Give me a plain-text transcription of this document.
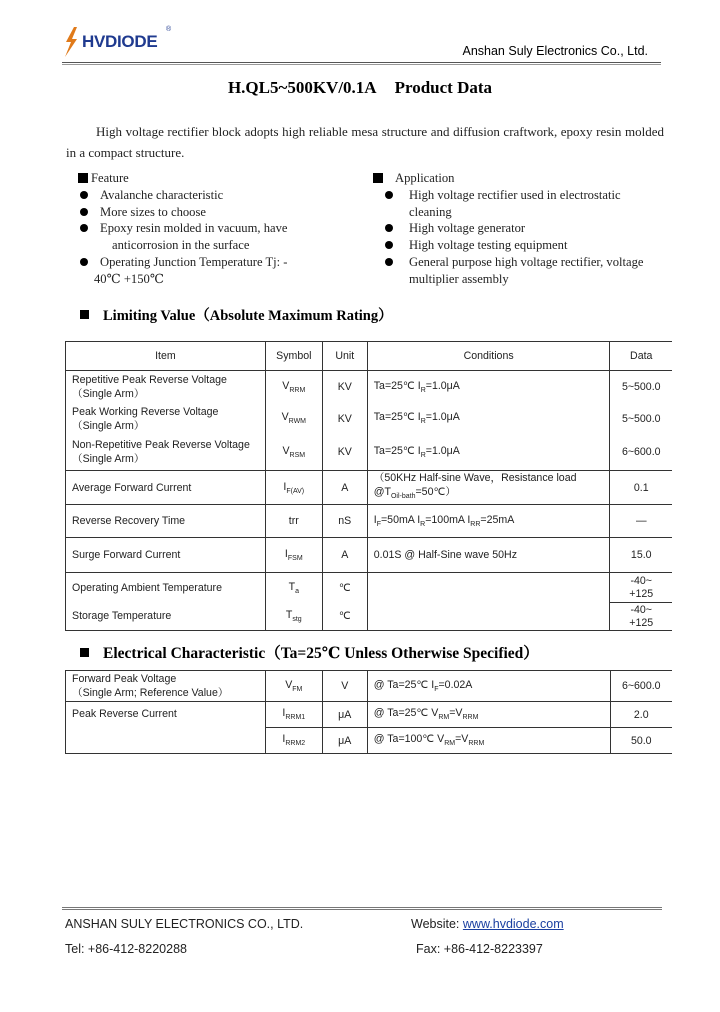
HVDIODE
®
Anshan Suly Electronics Co., Ltd.
H.QL5~500KV/0.1A Product Data
High voltage rectifier block adopts high reliable mesa structure and diffusion craftwork, epoxy resin molded in a compact structure.
Feature
Avalanche characteristic
More sizes to choose
Epoxy resin molded in vacuum, have
anticorrosion in the surface
Operating Junction Temperature Tj: -
40℃ +150℃
Application
High voltage rectifier used in electrostatic
cleaning
High voltage generator
High voltage testing equipment
General purpose high voltage rectifier, voltage
multiplier assembly
Limiting Value（Absolute Maximum Rating）
Item	Symbol	Unit	Conditions	Data
Repetitive Peak Reverse Voltage
（Single Arm）	$V_{RRM}$	KV	Ta=25℃ $I_R=1.0\mu A$	5~500.0
Peak Working Reverse Voltage
（Single Arm）	$V_{RWM}$	KV	Ta=25℃ $I_R=1.0\mu A$	5~500.0
Non-Repetitive Peak Reverse Voltage
（Single Arm）	$V_{RSM}$	KV	Ta=25℃ $I_R=1.0\mu A$	6~600.0
Average Forward Current	$I_{F(AV)}$	A	（50KHz Half-sine Wave，Resistance load
$@T_{Oil-bath}=50℃$）	0.1
Reverse Recovery Time	trr	nS	$I_F=50mA$ $I_R=100mA$ $I_{RR}=25mA$	—
Surge Forward Current	$I_{FSM}$	A	0.01S @ Half-Sine wave 50Hz	15.0
Operating Ambient Temperature	$T_a$	℃		-40~
+125
Storage Temperature	$T_{stg}$	℃		-40~
+125
Electrical Characteristic（Ta=25℃ Unless Otherwise Specified）
Forward Peak Voltage
（Single Arm; Reference Value）	$V_{FM}$	V	@ Ta=25℃ $I_F=0.02A$	6~600.0
Peak Reverse Current	$I_{RRM1}$	μA	@ Ta=25℃ $V_{RM}=V_{RRM}$	2.0
	$I_{RRM2}$	μA	@ Ta=100℃ $V_{RM}=V_{RRM}$	50.0
ANSHAN SULY ELECTRONICS CO., LTD.	Website: www.hvdiode.com
Tel: +86-412-8220288	Fax: +86-412-8223397
